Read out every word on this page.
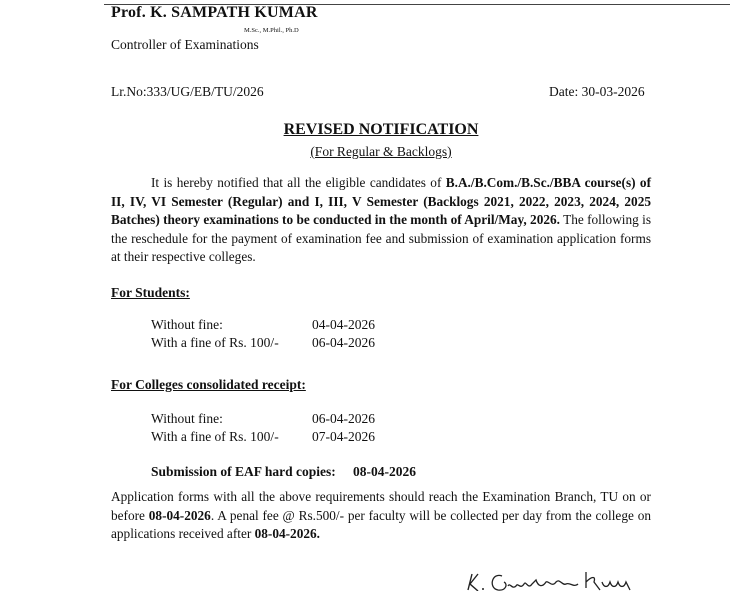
Prof. K. SAMPATH KUMAR
M.Sc., M.Phil., Ph.D
Controller of Examinations
Lr.No:333/UG/EB/TU/2026	Date: 30-03-2026
REVISED NOTIFICATION
(For Regular & Backlogs)
It is hereby notified that all the eligible candidates of B.A./B.Com./B.Sc./BBA course(s) of II, IV, VI Semester (Regular) and I, III, V Semester (Backlogs 2021, 2022, 2023, 2024, 2025 Batches) theory examinations to be conducted in the month of April/May, 2026. The following is the reschedule for the payment of examination fee and submission of examination application forms at their respective colleges.
For Students:
Without fine:	04-04-2026
With a fine of Rs. 100/- 06-04-2026
For Colleges consolidated receipt:
Without fine:	06-04-2026
With a fine of Rs. 100/- 07-04-2026
Submission of EAF hard copies: 08-04-2026
Application forms with all the above requirements should reach the Examination Branch, TU on or before 08-04-2026. A penal fee @ Rs.500/- per faculty will be collected per day from the college on applications received after 08-04-2026.
